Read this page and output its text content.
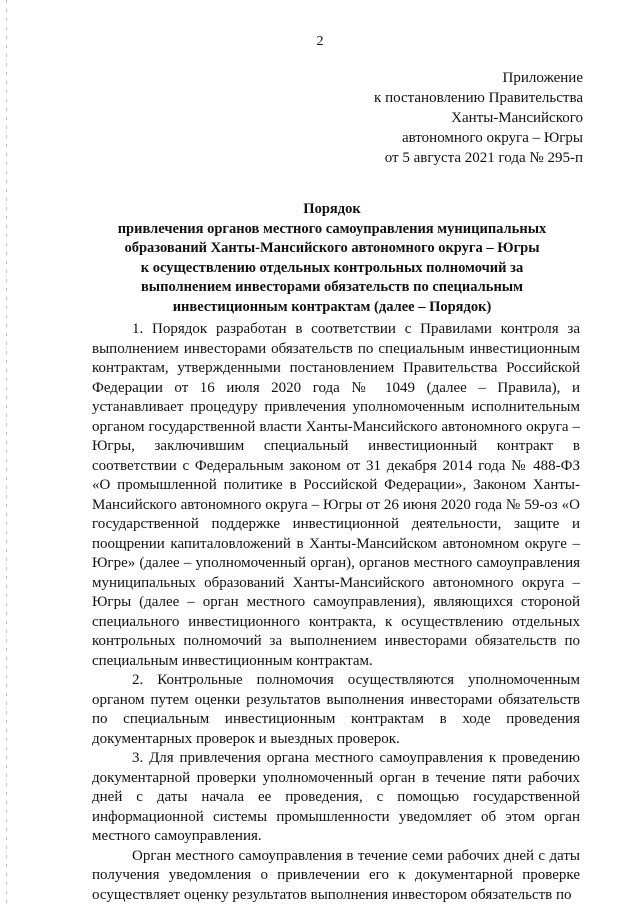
2
Приложение
к постановлению Правительства
Ханты-Мансийского
автономного округа – Югры
от 5 августа 2021 года № 295-п
Порядок
привлечения органов местного самоуправления муниципальных
образований Ханты-Мансийского автономного округа – Югры
к осуществлению отдельных контрольных полномочий за
выполнением инвесторами обязательств по специальным
инвестиционным контрактам (далее – Порядок)

1. Порядок разработан в соответствии с Правилами контроля за выполнением инвесторами обязательств по специальным инвестиционным контрактам, утвержденными постановлением Правительства Российской Федерации от 16 июля 2020 года № 1049 (далее – Правила), и устанавливает процедуру привлечения уполномоченным исполнительным органом государственной власти Ханты-Мансийского автономного округа – Югры, заключившим специальный инвестиционный контракт в соответствии с Федеральным законом от 31 декабря 2014 года № 488-ФЗ «О промышленной политике в Российской Федерации», Законом Ханты-Мансийского автономного округа – Югры от 26 июня 2020 года № 59-оз «О государственной поддержке инвестиционной деятельности, защите и поощрении капиталовложений в Ханты-Мансийском автономном округе – Югре» (далее – уполномоченный орган), органов местного самоуправления муниципальных образований Ханты-Мансийского автономного округа – Югры (далее – орган местного самоуправления), являющихся стороной специального инвестиционного контракта, к осуществлению отдельных контрольных полномочий за выполнением инвесторами обязательств по специальным инвестиционным контрактам.

2. Контрольные полномочия осуществляются уполномоченным органом путем оценки результатов выполнения инвесторами обязательств по специальным инвестиционным контрактам в ходе проведения документарных проверок и выездных проверок.

3. Для привлечения органа местного самоуправления к проведению документарной проверки уполномоченный орган в течение пяти рабочих дней с даты начала ее проведения, с помощью государственной информационной системы промышленности уведомляет об этом орган местного самоуправления.

Орган местного самоуправления в течение семи рабочих дней с даты получения уведомления о привлечении его к документарной проверке осуществляет оценку результатов выполнения инвестором обязательств по
